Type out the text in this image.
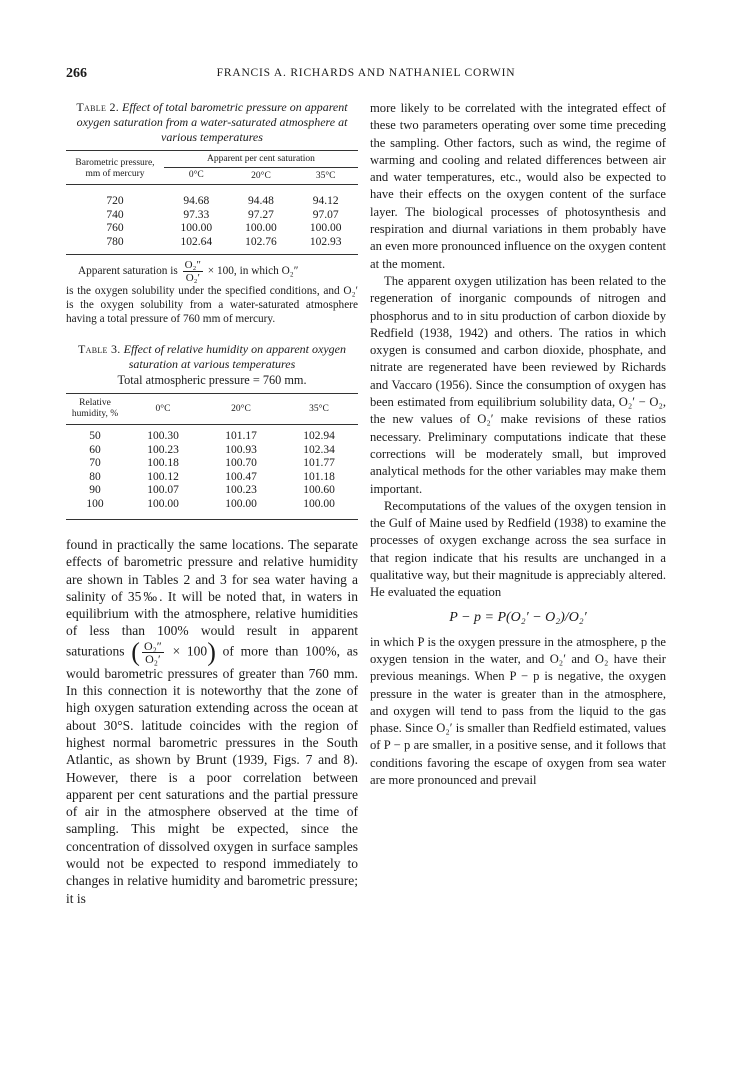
266	FRANCIS A. RICHARDS AND NATHANIEL CORWIN

Table 2. Effect of total barometric pressure on apparent oxygen saturation from a water-saturated atmosphere at various temperatures

Barometric pressure, mm of mercury	Apparent per cent saturation		
	0°C	20°C	35°C

720	94.68	94.48	94.12
740	97.33	97.27	97.07
760	100.00	100.00	100.00
780	102.64	102.76	102.93

Apparent saturation is $\frac{\text{O₂″}}{\text{O₂′}} \times 100$, in which O₂″

is the oxygen solubility under the specified conditions, and O₂′ is the oxygen solubility from a water-saturated atmosphere having a total pressure of 760 mm of mercury.

Table 3. Effect of relative humidity on apparent oxygen saturation at various temperatures

Total atmospheric pressure = 760 mm.

Relative humidity, %	0°C	20°C	35°C

50	100.30	101.17	102.94
60	100.23	100.93	102.34
70	100.18	100.70	101.77
80	100.12	100.47	101.18
90	100.07	100.23	100.60
100	100.00	100.00	100.00

found in practically the same locations. The separate effects of barometric pressure and relative humidity are shown in Tables 2 and 3 for sea water having a salinity of 35‰. It will be noted that, in waters in equilibrium with the atmosphere, relative humidities of less than 100% would result in apparent saturations ( $\frac{\text{O₂″}}{\text{O₂′}} \times 100$) of more than 100%, as would barometric pressures of greater than 760 mm. In this connection it is noteworthy that the zone of high oxygen saturation extending across the ocean at about 30°S. latitude coincides with the region of highest normal barometric pressures in the South Atlantic, as shown by Brunt (1939, Figs. 7 and 8). However, there is a poor correlation between apparent per cent saturations and the partial pressure of air in the atmosphere observed at the time of sampling. This might be expected, since the concentration of dissolved oxygen in surface samples would not be expected to respond immediately to changes in relative humidity and barometric pressure; it is

more likely to be correlated with the integrated effect of these two parameters operating over some time preceding the sampling. Other factors, such as wind, the regime of warming and cooling and related differences between air and water temperatures, etc., would also be expected to have their effects on the oxygen content of the surface layer. The biological processes of photosynthesis and respiration and diurnal variations in them probably have an even more pronounced influence on the oxygen content at the moment.

The apparent oxygen utilization has been related to the regeneration of inorganic compounds of nitrogen and phosphorus and to in situ production of carbon dioxide by Redfield (1938, 1942) and others. The ratios in which oxygen is consumed and carbon dioxide, phosphate, and nitrate are regenerated have been reviewed by Richards and Vaccaro (1956). Since the consumption of oxygen has been estimated from equilibrium solubility data, O₂′ − O₂, the new values of O₂′ make revisions of these ratios necessary. Preliminary computations indicate that these corrections will be moderately small, but improved analytical methods for the other variables may make them important.

Recomputations of the values of the oxygen tension in the Gulf of Maine used by Redfield (1938) to examine the processes of oxygen exchange across the sea surface in that region indicate that his results are unchanged in a qualitative way, but their magnitude is appreciably altered. He evaluated the equation

P − p = P(O₂′ − O₂)/O₂′

in which P is the oxygen pressure in the atmosphere, p the oxygen tension in the water, and O₂′ and O₂ have their previous meanings. When P − p is negative, the oxygen pressure in the water is greater than in the atmosphere, and oxygen will tend to pass from the liquid to the gas phase. Since O₂′ is smaller than Redfield estimated, values of P − p are smaller, in a positive sense, and it follows that conditions favoring the escape of oxygen from sea water are more pronounced and prevail
